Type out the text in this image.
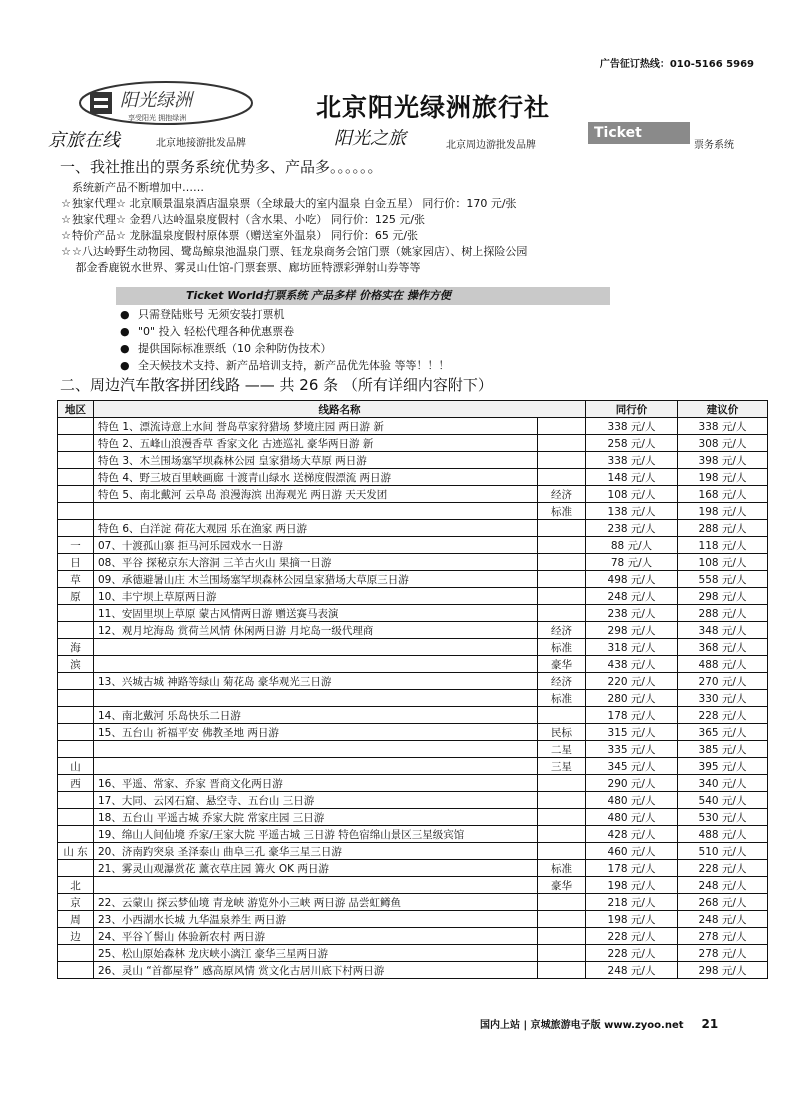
广告征订热线：010-5166 5969
阳光绿洲
享受阳光 拥抱绿洲	北京阳光绿洲旅行社
京旅在线	北京地接游批发品牌	阳光之旅	北京周边游批发品牌
Ticket
票务系统
一、我社推出的票务系统优势多、产品多。。。。。。
系统新产品不断增加中……
☆独家代理☆ 北京顺景温泉酒店温泉票（全球最大的室内温泉 白金五星） 同行价：170 元/张
☆独家代理☆ 金碧八达岭温泉度假村（含水果、小吃） 同行价：125 元/张
☆特价产品☆ 龙脉温泉度假村原体票（赠送室外温泉） 同行价：65 元/张
☆☆八达岭野生动物园、鹭岛鲸泉池温泉门票、钰龙泉商务会馆门票（姚家园店）、树上探险公园
都金香鹿锐水世界、雾灵山仕馆-门票套票、廊坊匝特漂彩弹射山券等等
Ticket World打票系统 产品多样 价格实在 操作方便
● 只需登陆账号 无须安装打票机
● "0" 投入 轻松代理各种优惠票卷
● 提供国际标准票纸（10 余种防伪技术）
● 全天候技术支持、新产品培训支持，新产品优先体验 等等！！！
二、周边汽车散客拼团线路 —— 共 26 条 （所有详细内容附下）
地区	线路名称		同行价	建议价
	特色 1、漂流诗意上水间 誉岛草家狩猎场 梦境庄园 两日游 新		338 元/人	338 元/人
	特色 2、五峰山浪漫香草 香家文化 古迹巡礼 豪华两日游 新		258 元/人	308 元/人
	特色 3、木兰围场塞罕坝森林公园 皇家猎场大草原 两日游		338 元/人	398 元/人
	特色 4、野三坡百里峡画廊 十渡青山绿水 送梯度假漂流 两日游		148 元/人	198 元/人
	特色 5、南北戴河 云阜岛 浪漫海滨 出海观光 两日游 天天发团	经济	108 元/人	168 元/人
		标准	138 元/人	198 元/人
	特色 6、白洋淀 荷花大观园 乐在渔家 两日游		238 元/人	288 元/人
一	07、十渡孤山寨 拒马河乐园戏水一日游		88 元/人	118 元/人
日	08、平谷 探秘京东大溶洞 三羊古火山 果摘一日游		78 元/人	108 元/人
草	09、承德避暑山庄 木兰围场塞罕坝森林公园皇家猎场大草原三日游		498 元/人	558 元/人
原	10、丰宁坝上草原两日游		248 元/人	298 元/人
	11、安固里坝上草原 蒙古风情两日游 赠送赛马表演		238 元/人	288 元/人
	12、观月坨海岛 赏荷兰风情 休闲两日游 月坨岛一级代理商	经济	298 元/人	348 元/人
海		标准	318 元/人	368 元/人
滨		豪华	438 元/人	488 元/人
	13、兴城古城 神路等绿山 菊花岛 豪华观光三日游	经济	220 元/人	270 元/人
		标准	280 元/人	330 元/人
	14、南北戴河 乐岛快乐二日游		178 元/人	228 元/人
	15、五台山 祈福平安 佛教圣地 两日游	民标	315 元/人	365 元/人
		二星	335 元/人	385 元/人
山		三星	345 元/人	395 元/人
西	16、平遥、常家、乔家 晋商文化两日游		290 元/人	340 元/人
	17、大同、云冈石窟、悬空寺、五台山 三日游		480 元/人	540 元/人
	18、五台山 平遥古城 乔家大院 常家庄园 三日游		480 元/人	530 元/人
	19、绵山人间仙境 乔家/王家大院 平遥古城 三日游 特色宿绵山景区三星级宾馆		428 元/人	488 元/人
山 东	20、济南趵突泉 圣泽泰山 曲阜三孔 豪华三星三日游		460 元/人	510 元/人
	21、雾灵山观瀑赏花 薰衣草庄园 篝火 OK 两日游	标准	178 元/人	228 元/人
北		豪华	198 元/人	248 元/人
京	22、云蒙山 探云梦仙境 青龙峡 游览外小三峡 两日游 品尝虹鳟鱼		218 元/人	268 元/人
周	23、小西湖水长城 九华温泉养生 两日游		198 元/人	248 元/人
边	24、平谷丫髻山 体验新农村 两日游		228 元/人	278 元/人
	25、松山原始森林 龙庆峡小漓江 豪华三星两日游		228 元/人	278 元/人
	26、灵山 “首都屋脊” 感高原风情 赏文化古居川底下村两日游		248 元/人	298 元/人
国内上站 | 京城旅游电子版 www.zyoo.net 21
